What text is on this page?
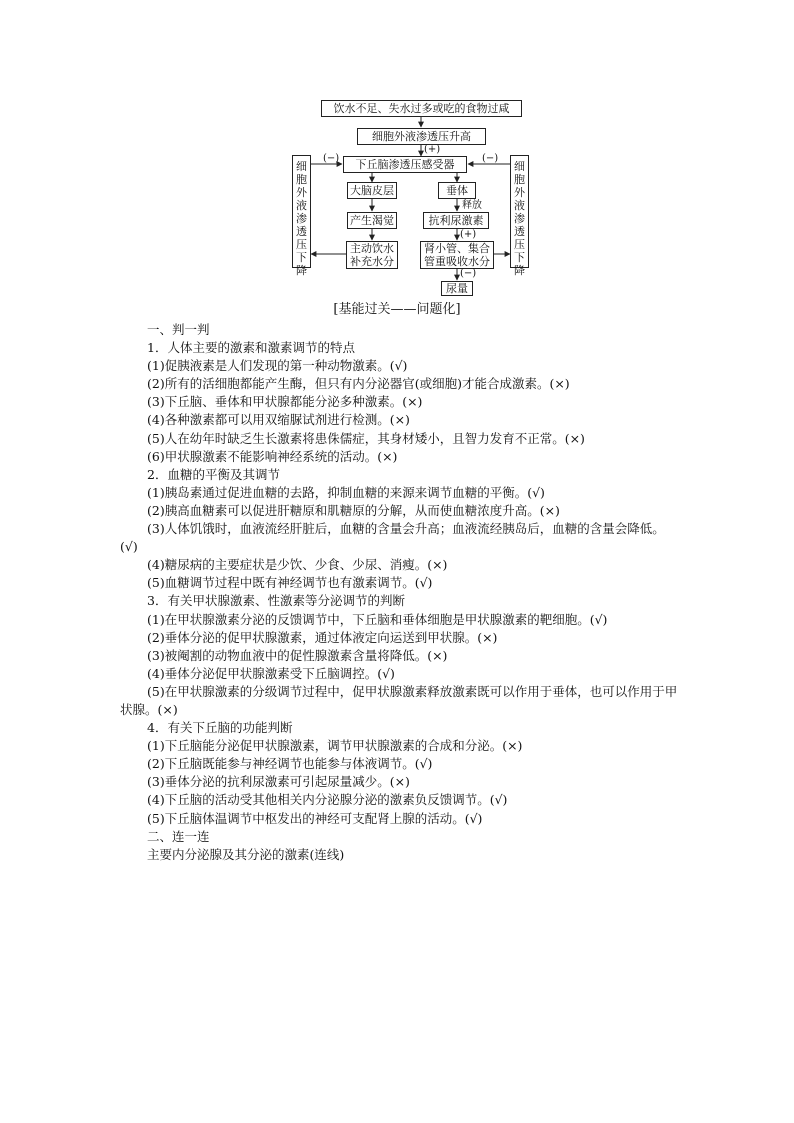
饮水不足、失水过多或吃的食物过咸
细胞外液渗透压升高
下丘脑渗透压感受器
大脑皮层	垂体
产生渴觉	抗利尿激素
主动饮水
补充水分
肾小管、集合
管重吸收水分
尿量
细
胞
外
液
渗
透
压
下
降
细
胞
外
液
渗
透
压
下
降
(+)
(−)	(−)
释放
(+)
(−)
[基能过关——问题化]
一、判一判
1．人体主要的激素和激素调节的特点
(1)促胰液素是人们发现的第一种动物激素。(√)
(2)所有的活细胞都能产生酶，但只有内分泌器官(或细胞)才能合成激素。(×)
(3)下丘脑、垂体和甲状腺都能分泌多种激素。(×)
(4)各种激素都可以用双缩脲试剂进行检测。(×)
(5)人在幼年时缺乏生长激素将患侏儒症，其身材矮小，且智力发育不正常。(×)
(6)甲状腺激素不能影响神经系统的活动。(×)
2．血糖的平衡及其调节
(1)胰岛素通过促进血糖的去路，抑制血糖的来源来调节血糖的平衡。(√)
(2)胰高血糖素可以促进肝糖原和肌糖原的分解，从而使血糖浓度升高。(×)
(3)人体饥饿时，血液流经肝脏后，血糖的含量会升高；血液流经胰岛后，血糖的含量会降低。(√)
(4)糖尿病的主要症状是少饮、少食、少尿、消瘦。(×)
(5)血糖调节过程中既有神经调节也有激素调节。(√)
3．有关甲状腺激素、性激素等分泌调节的判断
(1)在甲状腺激素分泌的反馈调节中，下丘脑和垂体细胞是甲状腺激素的靶细胞。(√)
(2)垂体分泌的促甲状腺激素，通过体液定向运送到甲状腺。(×)
(3)被阉割的动物血液中的促性腺激素含量将降低。(×)
(4)垂体分泌促甲状腺激素受下丘脑调控。(√)
(5)在甲状腺激素的分级调节过程中，促甲状腺激素释放激素既可以作用于垂体，也可以作用于甲状腺。(×)
4．有关下丘脑的功能判断
(1)下丘脑能分泌促甲状腺激素，调节甲状腺激素的合成和分泌。(×)
(2)下丘脑既能参与神经调节也能参与体液调节。(√)
(3)垂体分泌的抗利尿激素可引起尿量减少。(×)
(4)下丘脑的活动受其他相关内分泌腺分泌的激素负反馈调节。(√)
(5)下丘脑体温调节中枢发出的神经可支配肾上腺的活动。(√)
二、连一连
主要内分泌腺及其分泌的激素(连线)
